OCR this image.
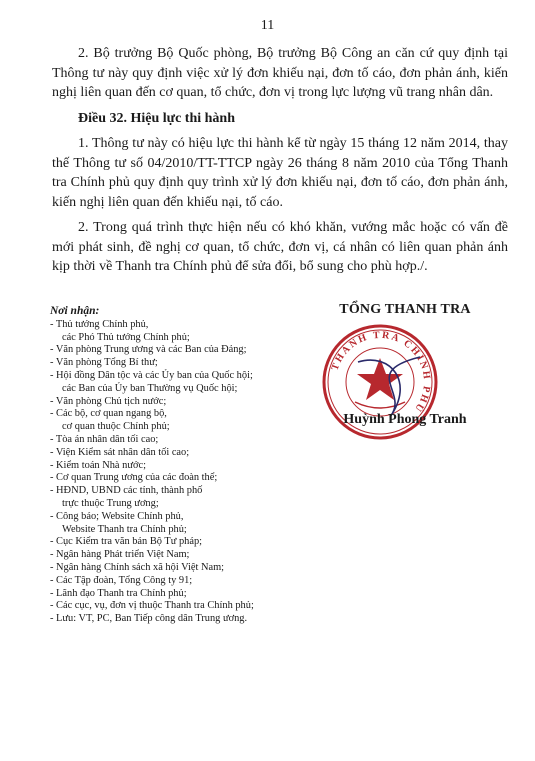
11

2. Bộ trưởng Bộ Quốc phòng, Bộ trưởng Bộ Công an căn cứ quy định tại Thông tư này quy định việc xử lý đơn khiếu nại, đơn tố cáo, đơn phản ánh, kiến nghị liên quan đến cơ quan, tổ chức, đơn vị trong lực lượng vũ trang nhân dân.

Điều 32. Hiệu lực thi hành

1. Thông tư này có hiệu lực thi hành kể từ ngày 15 tháng 12 năm 2014, thay thế Thông tư số 04/2010/TT-TTCP ngày 26 tháng 8 năm 2010 của Tổng Thanh tra Chính phủ quy định quy trình xử lý đơn khiếu nại, đơn tố cáo, đơn phản ánh, kiến nghị liên quan đến khiếu nại, tố cáo.

2. Trong quá trình thực hiện nếu có khó khăn, vướng mắc hoặc có vấn đề mới phát sinh, đề nghị cơ quan, tổ chức, đơn vị, cá nhân có liên quan phản ánh kịp thời về Thanh tra Chính phủ để sửa đổi, bổ sung cho phù hợp./.

Nơi nhận:
- Thủ tướng Chính phủ,
các Phó Thủ tướng Chính phủ;
- Văn phòng Trung ương và các Ban của Đảng;
- Văn phòng Tổng Bí thư;
- Hội đồng Dân tộc và các Ủy ban của Quốc hội;
các Ban của Ủy ban Thường vụ Quốc hội;
- Văn phòng Chủ tịch nước;
- Các bộ, cơ quan ngang bộ,
cơ quan thuộc Chính phủ;
- Tòa án nhân dân tối cao;
- Viện Kiểm sát nhân dân tối cao;
- Kiểm toán Nhà nước;
- Cơ quan Trung ương của các đoàn thể;
- HĐND, UBND các tỉnh, thành phố
trực thuộc Trung ương;
- Công báo; Website Chính phủ,
Website Thanh tra Chính phủ;
- Cục Kiểm tra văn bản Bộ Tư pháp;
- Ngân hàng Phát triển Việt Nam;
- Ngân hàng Chính sách xã hội Việt Nam;
- Các Tập đoàn, Tổng Công ty 91;
- Lãnh đạo Thanh tra Chính phủ;
- Các cục, vụ, đơn vị thuộc Thanh tra Chính phủ;
- Lưu: VT, PC, Ban Tiếp công dân Trung ương.
TỔNG THANH TRA
THANH TRA CHÍNH PHỦ
Huỳnh Phong Tranh
